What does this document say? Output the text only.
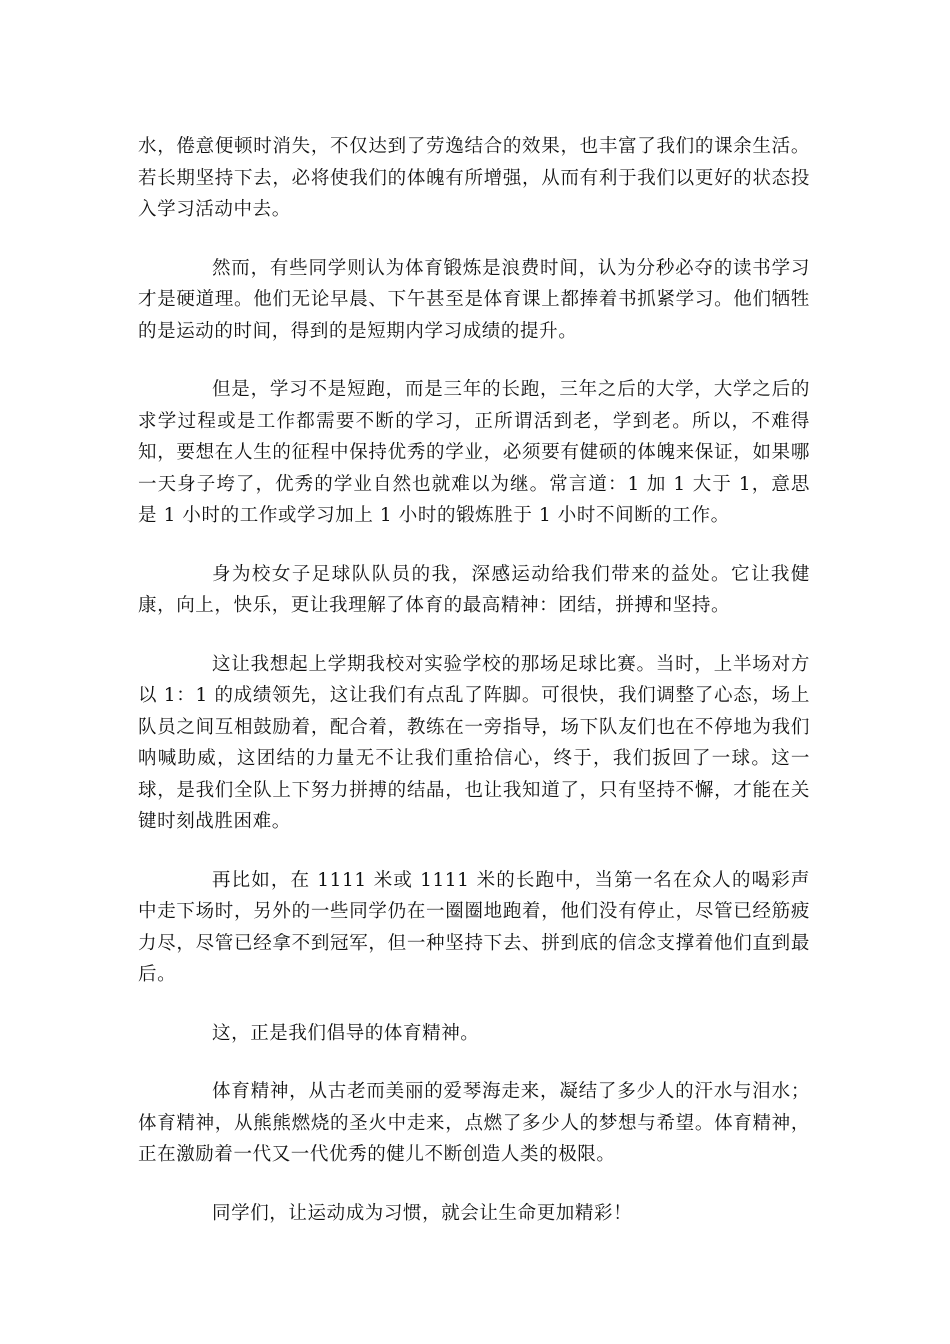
水，倦意便顿时消失，不仅达到了劳逸结合的效果，也丰富了我们的课余生活。若长期坚持下去，必将使我们的体魄有所增强，从而有利于我们以更好的状态投入学习活动中去。

然而，有些同学则认为体育锻炼是浪费时间，认为分秒必夺的读书学习才是硬道理。他们无论早晨、下午甚至是体育课上都捧着书抓紧学习。他们牺牲的是运动的时间，得到的是短期内学习成绩的提升。

但是，学习不是短跑，而是三年的长跑，三年之后的大学，大学之后的求学过程或是工作都需要不断的学习，正所谓活到老，学到老。所以，不难得知，要想在人生的征程中保持优秀的学业，必须要有健硕的体魄来保证，如果哪一天身子垮了，优秀的学业自然也就难以为继。常言道：1 加 1 大于 1，意思是 1 小时的工作或学习加上 1 小时的锻炼胜于 1 小时不间断的工作。

身为校女子足球队队员的我，深感运动给我们带来的益处。它让我健康，向上，快乐，更让我理解了体育的最高精神：团结，拼搏和坚持。

这让我想起上学期我校对实验学校的那场足球比赛。当时，上半场对方以 1：1 的成绩领先，这让我们有点乱了阵脚。可很快，我们调整了心态，场上队员之间互相鼓励着，配合着，教练在一旁指导，场下队友们也在不停地为我们呐喊助威，这团结的力量无不让我们重拾信心，终于，我们扳回了一球。这一球，是我们全队上下努力拼搏的结晶，也让我知道了，只有坚持不懈，才能在关键时刻战胜困难。

再比如，在 1111 米或 1111 米的长跑中，当第一名在众人的喝彩声中走下场时，另外的一些同学仍在一圈圈地跑着，他们没有停止，尽管已经筋疲力尽，尽管已经拿不到冠军，但一种坚持下去、拼到底的信念支撑着他们直到最后。

这，正是我们倡导的体育精神。

体育精神，从古老而美丽的爱琴海走来，凝结了多少人的汗水与泪水；体育精神，从熊熊燃烧的圣火中走来，点燃了多少人的梦想与希望。体育精神，正在激励着一代又一代优秀的健儿不断创造人类的极限。

同学们，让运动成为习惯，就会让生命更加精彩！
